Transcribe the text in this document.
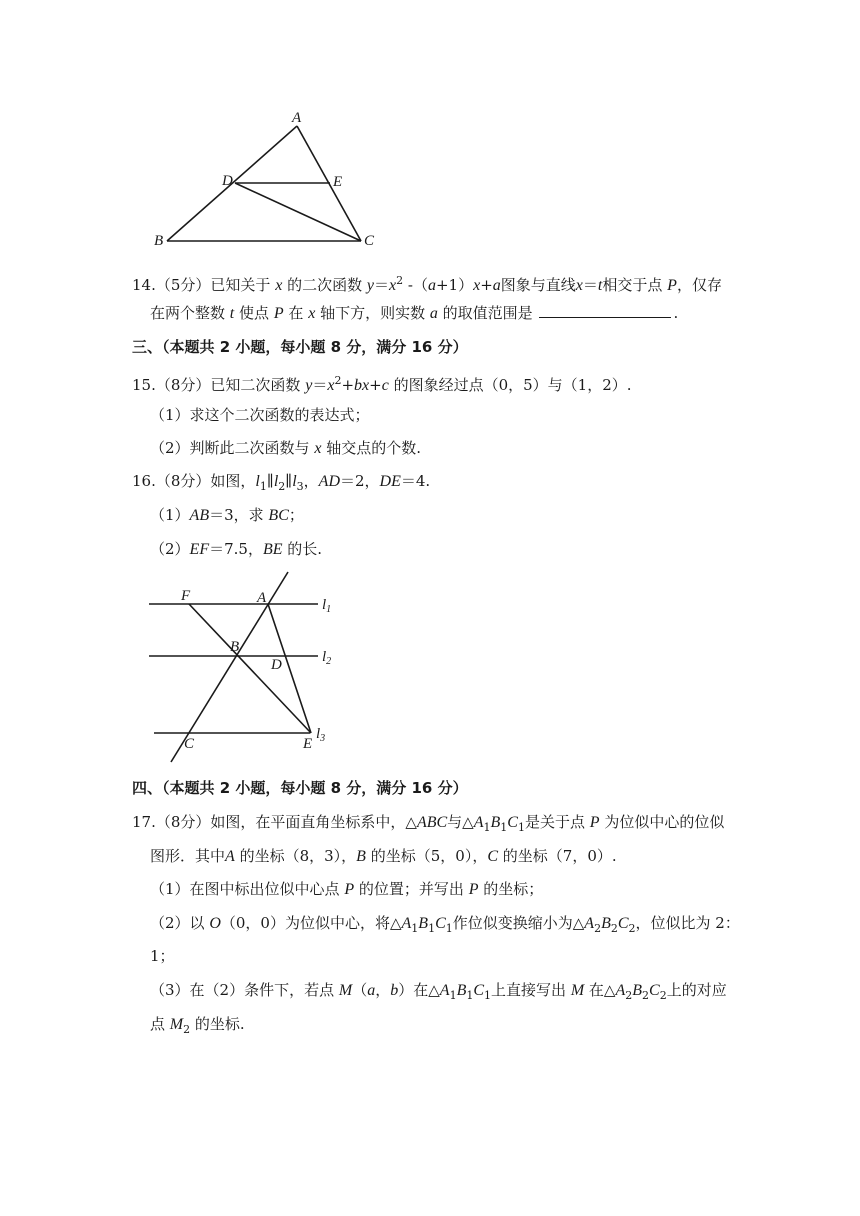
A
D	E
B	C
14.（5分）已知关于 x 的二次函数 $y=x^2$ -（a+1）x+a图象与直线x＝t相交于点 P，仅存
在两个整数 t 使点 P 在 x 轴下方，则实数 a 的取值范围是	.
三、（本题共 2 小题，每小题 8 分，满分 16 分）
15.（8分）已知二次函数 $y=x^2+bx+c$ 的图象经过点（0，5）与（1，2）.
（1）求这个二次函数的表达式；
（2）判断此二次函数与 x 轴交点的个数.
16.（8分）如图，$l_1\parallel l_2\parallel l_3$，AD＝2，DE＝4.
（1）AB＝3，求 BC；
（2）EF＝7.5，BE 的长.
F	A
B
D
C	E
$l_1$
$l_2$
$l_3$
四、（本题共 2 小题，每小题 8 分，满分 16 分）
17.（8分）如图，在平面直角坐标系中，△ABC与$\triangle A_1B_1C_1$是关于点 P 为位似中心的位似
图形．其中A 的坐标（8，3），B 的坐标（5，0），C 的坐标（7，0）.
（1）在图中标出位似中心点 P 的位置；并写出 P 的坐标；
（2）以 O（0，0）为位似中心，将$\triangle A_1B_1C_1$作位似变换缩小为$\triangle A_2B_2C_2$，位似比为 2：
1；
（3）在（2）条件下，若点 M（a，b）在$\triangle A_1B_1C_1$上直接写出 M 在$\triangle A_2B_2C_2$上的对应
点 $M_2$ 的坐标.
